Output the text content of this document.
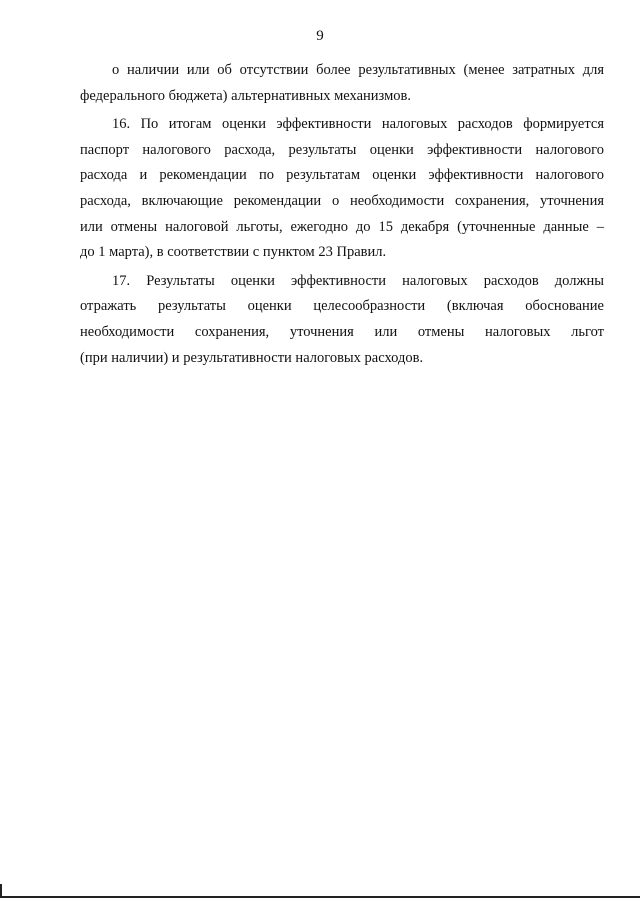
9
о наличии или об отсутствии более результативных (менее затратных для
федерального бюджета) альтернативных механизмов.
16. По итогам оценки эффективности налоговых расходов формируется
паспорт налогового расхода, результаты оценки эффективности налогового
расхода и рекомендации по результатам оценки эффективности налогового
расхода, включающие рекомендации о необходимости сохранения, уточнения
или отмены налоговой льготы, ежегодно до 15 декабря (уточненные данные –
до 1 марта), в соответствии с пунктом 23 Правил.
17. Результаты оценки эффективности налоговых расходов должны
отражать результаты оценки целесообразности (включая обоснование
необходимости сохранения, уточнения или отмены налоговых льгот
(при наличии) и результативности налоговых расходов.
